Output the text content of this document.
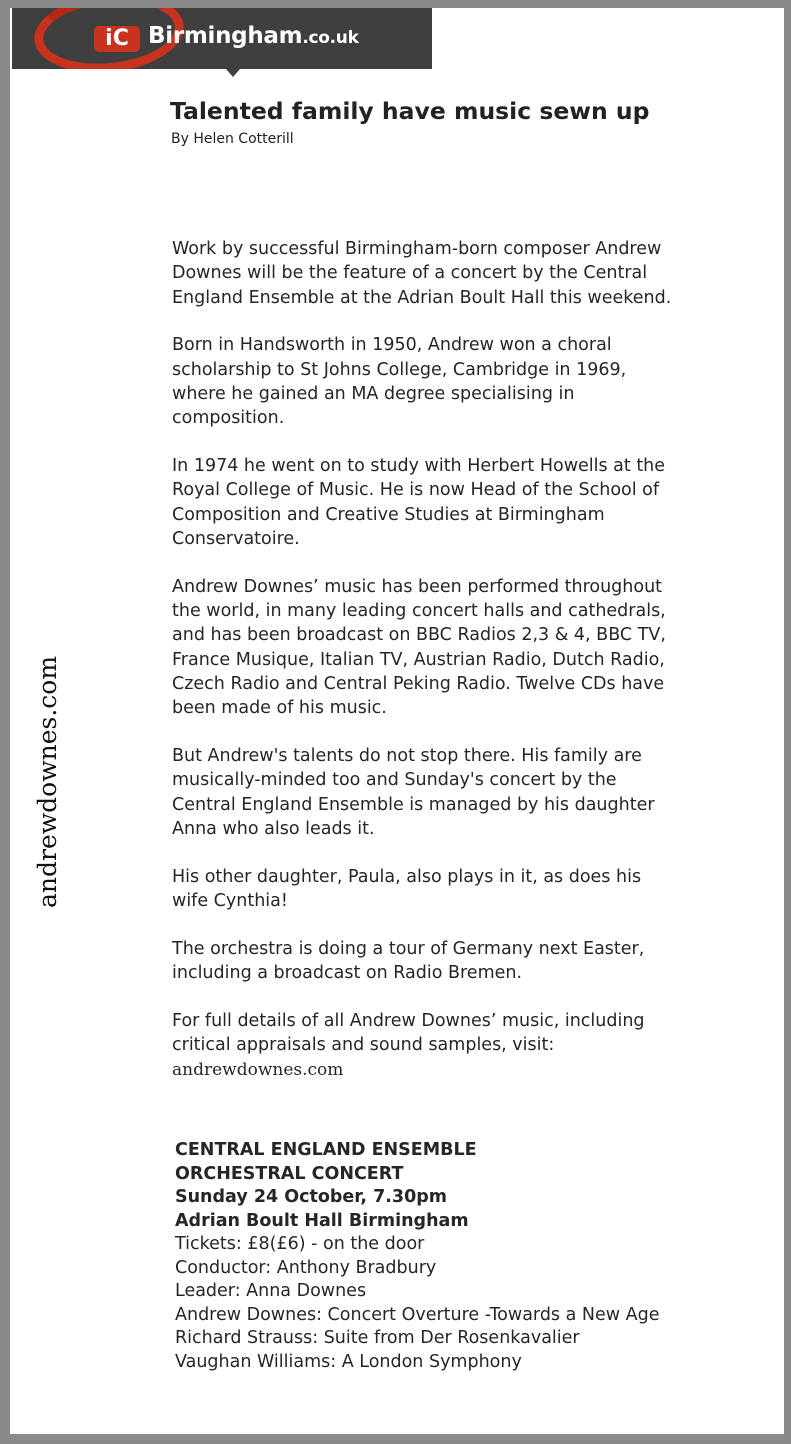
iC Birmingham.co.uk
andrewdownes.com
Talented family have music sewn up
By Helen Cotterill

Work by successful Birmingham-born composer Andrew Downes will be the feature of a concert by the Central England Ensemble at the Adrian Boult Hall this weekend.

Born in Handsworth in 1950, Andrew won a choral scholarship to St Johns College, Cambridge in 1969, where he gained an MA degree specialising in composition.

In 1974 he went on to study with Herbert Howells at the Royal College of Music. He is now Head of the School of Composition and Creative Studies at Birmingham Conservatoire.

Andrew Downes’ music has been performed throughout the world, in many leading concert halls and cathedrals, and has been broadcast on BBC Radios 2,3 & 4, BBC TV, France Musique, Italian TV, Austrian Radio, Dutch Radio, Czech Radio and Central Peking Radio. Twelve CDs have been made of his music.

But Andrew's talents do not stop there. His family are musically-minded too and Sunday's concert by the Central England Ensemble is managed by his daughter Anna who also leads it.

His other daughter, Paula, also plays in it, as does his wife Cynthia!

The orchestra is doing a tour of Germany next Easter, including a broadcast on Radio Bremen.

For full details of all Andrew Downes’ music, including critical appraisals and sound samples, visit: andrewdownes.com

CENTRAL ENGLAND ENSEMBLE

ORCHESTRAL CONCERT

Sunday 24 October, 7.30pm

Adrian Boult Hall Birmingham

Tickets: £8(£6) - on the door

Conductor: Anthony Bradbury

Leader: Anna Downes

Andrew Downes: Concert Overture -Towards a New Age

Richard Strauss: Suite from Der Rosenkavalier

Vaughan Williams: A London Symphony
